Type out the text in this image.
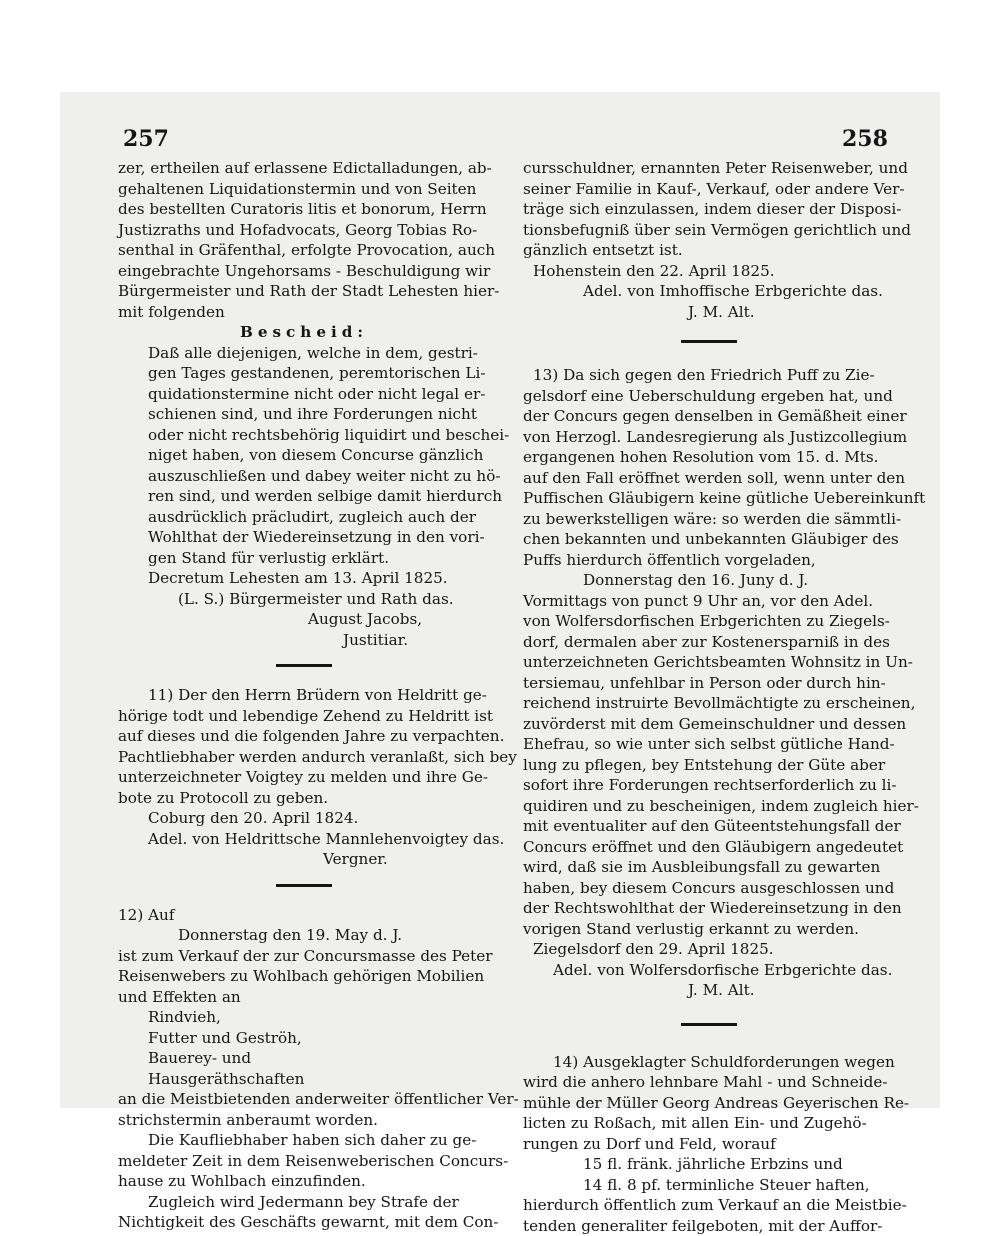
257	258

zer, ertheilen auf erlassene Edictalladungen, ab-

gehaltenen Liquidationstermin und von Seiten

des bestellten Curatoris litis et bonorum, Herrn

Justizraths und Hofadvocats, Georg Tobias Ro-

senthal in Gräfenthal, erfolgte Provocation, auch

eingebrachte Ungehorsams - Beschuldigung wir

Bürgermeister und Rath der Stadt Lehesten hier-

mit folgenden

Bescheid:

Daß alle diejenigen, welche in dem, gestri-

gen Tages gestandenen, peremtorischen Li-

quidationstermine nicht oder nicht legal er-

schienen sind, und ihre Forderungen nicht

oder nicht rechtsbehörig liquidirt und beschei-

niget haben, von diesem Concurse gänzlich

auszuschließen und dabey weiter nicht zu hö-

ren sind, und werden selbige damit hierdurch

ausdrücklich präcludirt, zugleich auch der

Wohlthat der Wiedereinsetzung in den vori-

gen Stand für verlustig erklärt.

Decretum Lehesten am 13. April 1825.

(L. S.) Bürgermeister und Rath das.

August Jacobs,

Justitiar.

11) Der den Herrn Brüdern von Heldritt ge-

hörige todt und lebendige Zehend zu Heldritt ist

auf dieses und die folgenden Jahre zu verpachten.

Pachtliebhaber werden andurch veranlaßt, sich bey

unterzeichneter Voigtey zu melden und ihre Ge-

bote zu Protocoll zu geben.

Coburg den 20. April 1824.

Adel. von Heldrittsche Mannlehenvoigtey das.

Vergner.

12) Auf

Donnerstag den 19. May d. J.

ist zum Verkauf der zur Concursmasse des Peter

Reisenwebers zu Wohlbach gehörigen Mobilien

und Effekten an

Rindvieh,

Futter und Geströh,

Bauerey- und

Hausgeräthschaften

an die Meistbietenden anderweiter öffentlicher Ver-

strichstermin anberaumt worden.

Die Kaufliebhaber haben sich daher zu ge-

meldeter Zeit in dem Reisenweberischen Concurs-

hause zu Wohlbach einzufinden.

Zugleich wird Jedermann bey Strafe der

Nichtigkeit des Geschäfts gewarnt, mit dem Con-

cursschuldner, ernannten Peter Reisenweber, und

seiner Familie in Kauf-, Verkauf, oder andere Ver-

träge sich einzulassen, indem dieser der Disposi-

tionsbefugniß über sein Vermögen gerichtlich und

gänzlich entsetzt ist.

Hohenstein den 22. April 1825.

Adel. von Imhoffische Erbgerichte das.

J. M. Alt.

13) Da sich gegen den Friedrich Puff zu Zie-

gelsdorf eine Ueberschuldung ergeben hat, und

der Concurs gegen denselben in Gemäßheit einer

von Herzogl. Landesregierung als Justizcollegium

ergangenen hohen Resolution vom 15. d. Mts.

auf den Fall eröffnet werden soll, wenn unter den

Puffischen Gläubigern keine gütliche Uebereinkunft

zu bewerkstelligen wäre: so werden die sämmtli-

chen bekannten und unbekannten Gläubiger des

Puffs hierdurch öffentlich vorgeladen,

Donnerstag den 16. Juny d. J.

Vormittags von punct 9 Uhr an, vor den Adel.

von Wolfersdorfischen Erbgerichten zu Ziegels-

dorf, dermalen aber zur Kostenersparniß in des

unterzeichneten Gerichtsbeamten Wohnsitz in Un-

tersiemau, unfehlbar in Person oder durch hin-

reichend instruirte Bevollmächtigte zu erscheinen,

zuvörderst mit dem Gemeinschuldner und dessen

Ehefrau, so wie unter sich selbst gütliche Hand-

lung zu pflegen, bey Entstehung der Güte aber

sofort ihre Forderungen rechtserforderlich zu li-

quidiren und zu bescheinigen, indem zugleich hier-

mit eventualiter auf den Güteentstehungsfall der

Concurs eröffnet und den Gläubigern angedeutet

wird, daß sie im Ausbleibungsfall zu gewarten

haben, bey diesem Concurs ausgeschlossen und

der Rechtswohlthat der Wiedereinsetzung in den

vorigen Stand verlustig erkannt zu werden.

Ziegelsdorf den 29. April 1825.

Adel. von Wolfersdorfische Erbgerichte das.

J. M. Alt.

14) Ausgeklagter Schuldforderungen wegen

wird die anhero lehnbare Mahl - und Schneide-

mühle der Müller Georg Andreas Geyerischen Re-

licten zu Roßach, mit allen Ein- und Zugehö-

rungen zu Dorf und Feld, worauf

15 fl. fränk. jährliche Erbzins und

14 fl. 8 pf. terminliche Steuer haften,

hierdurch öffentlich zum Verkauf an die Meistbie-

tenden generaliter feilgeboten, mit der Auffor-
